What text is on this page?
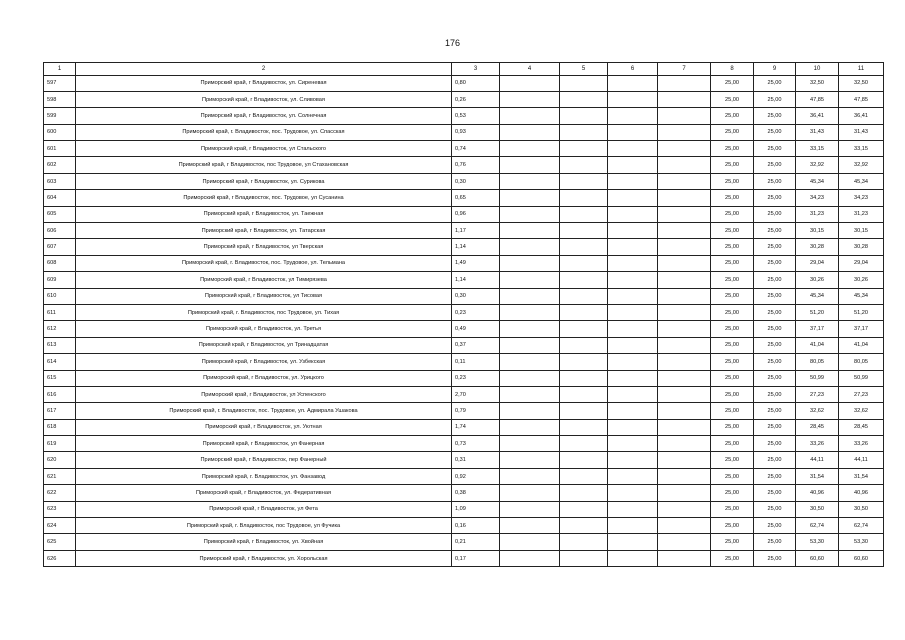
176
1	2	3	4	5	6	7	8	9	10	11
597	Приморский край, г Владивосток, ул. Сиреневая	0,80					25,00	25,00	32,50	32,50
598	Приморский край, г Владивосток, ул. Сливовая	0,26					25,00	25,00	47,85	47,85
599	Приморский край, г Владивосток, ул. Солнечная	0,53					25,00	25,00	36,41	36,41
600	Приморский край, г. Владивосток, пос. Трудовое, ул. Спасская	0,93					25,00	25,00	31,43	31,43
601	Приморский край, г Владивосток, ул Стальского	0,74					25,00	25,00	33,15	33,15
602	Приморский край, г Владивосток, пос Трудовое, ул Стахановская	0,76					25,00	25,00	32,92	32,92
603	Приморский край, г Владивосток, ул. Сурикова	0,30					25,00	25,00	45,34	45,34
604	Приморский край, г Владивосток, пос. Трудовое, ул Сусанина	0,65					25,00	25,00	34,23	34,23
605	Приморский край, г Владивосток, ул. Таежная	0,96					25,00	25,00	31,23	31,23
606	Приморский край, г Владивосток, ул. Татарская	1,17					25,00	25,00	30,15	30,15
607	Приморский край, г Владивосток, ул Тверская	1,14					25,00	25,00	30,28	30,28
608	Приморский край, г. Владивосток, пос. Трудовое, ул. Тельмана	1,49					25,00	25,00	29,04	29,04
609	Приморский край, г Владивосток, ул Тимирязева	1,14					25,00	25,00	30,26	30,26
610	Приморский край, г Владивосток, ул Тисовая	0,30					25,00	25,00	45,34	45,34
611	Приморский край, г. Владивосток, пос Трудовое, ул. Тихая	0,23					25,00	25,00	51,20	51,20
612	Приморский край, г Владивосток, ул. Третья	0,49					25,00	25,00	37,17	37,17
613	Приморский край, г Владивосток, ул Тринадцатая	0,37					25,00	25,00	41,04	41,04
614	Приморский край, г Владивосток, ул. Узбекская	0,11					25,00	25,00	80,05	80,05
615	Приморский край, г Владивосток, ул. Урицкого	0,23					25,00	25,00	50,99	50,99
616	Приморский край, г Владивосток, ул Успенского	2,70					25,00	25,00	27,23	27,23
617	Приморский край, г. Владивосток, пос. Трудовое, ул. Адмирала Ушакова	0,79					25,00	25,00	32,62	32,62
618	Приморский край, г Владивосток, ул. Уютная	1,74					25,00	25,00	28,45	28,45
619	Приморский край, г Владивосток, ул Фанерная	0,73					25,00	25,00	33,26	33,26
620	Приморский край, г Владивосток, пер Фанерный	0,31					25,00	25,00	44,11	44,11
621	Приморский край, г. Владивосток, ул. Фанзавод	0,92					25,00	25,00	31,54	31,54
622	Приморский край, г Владивосток, ул. Федеративная	0,38					25,00	25,00	40,96	40,96
623	Приморский край, г Владивосток, ул Фета	1,09					25,00	25,00	30,50	30,50
624	Приморский край, г. Владивосток, пос Трудовое, ул Фучика	0,16					25,00	25,00	62,74	62,74
625	Приморский край, г Владивосток, ул. Хвойная	0,21					25,00	25,00	53,30	53,30
626	Приморский край, г Владивосток, ул. Хорольская	0,17					25,00	25,00	60,60	60,60
